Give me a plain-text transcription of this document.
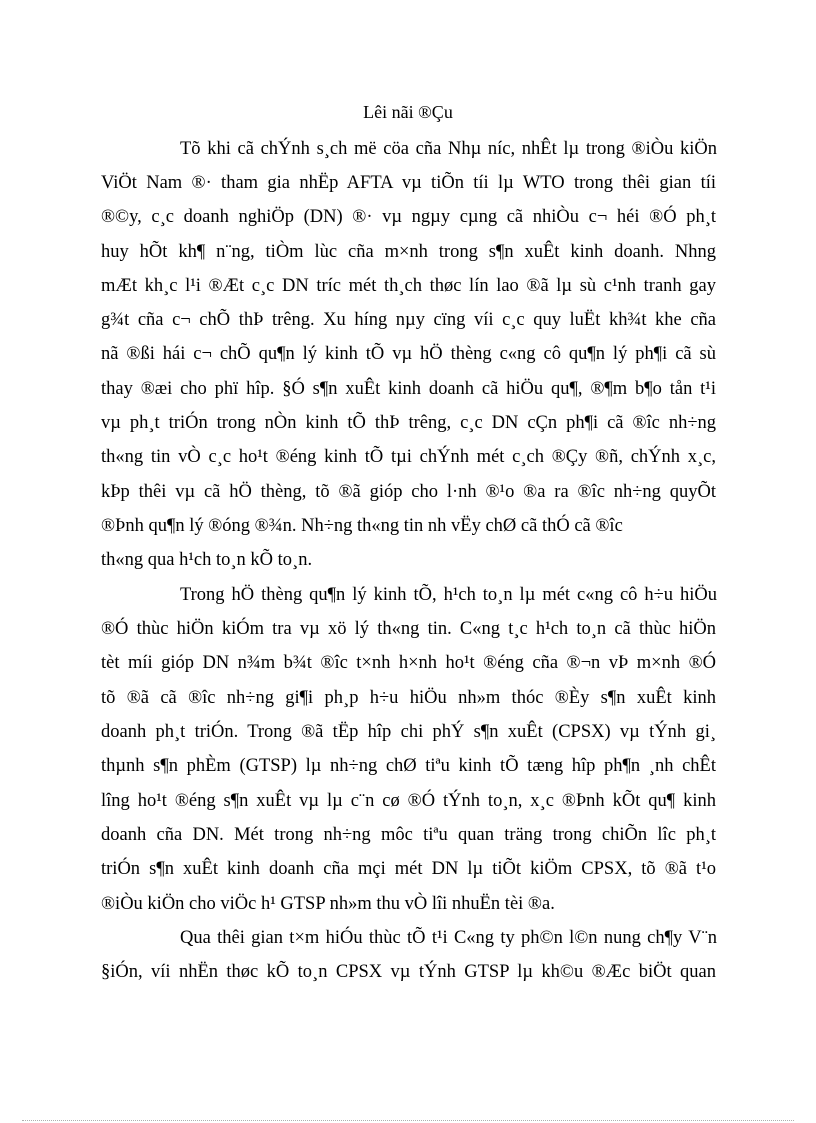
Lêi nãi ®Çu
Tõ khi cã chÝnh s¸ch më cöa cña Nhµ níc, nhÊt lµ trong ®iÒu kiÖn
ViÖt Nam ®· tham gia nhËp AFTA vµ tiÕn tíi lµ WTO trong thêi gian tíi
®©y, c¸c doanh nghiÖp (DN) ®· vµ ngµy cµng cã nhiÒu c¬ héi ®Ó ph¸t
huy hÕt kh¶ n¨ng, tiÒm lùc cña m×nh trong s¶n xuÊt kinh doanh. Nhng
mÆt kh¸c l¹i ®Æt c¸c DN tríc mét th¸ch thøc lín lao ®ã lµ sù c¹nh tranh gay
g¾t cña c¬ chÕ thÞ trêng. Xu híng nµy cïng víi c¸c quy luËt kh¾t khe cña
nã ®ßi hái c¬ chÕ qu¶n lý kinh tÕ vµ hÖ thèng c«ng cô qu¶n lý ph¶i cã sù
thay ®æi cho phï hîp. §Ó s¶n xuÊt kinh doanh cã hiÖu qu¶, ®¶m b¶o tån t¹i
vµ ph¸t triÓn trong nÒn kinh tÕ thÞ trêng, c¸c DN cÇn ph¶i cã ®îc nh÷ng
th«ng tin vÒ c¸c ho¹t ®éng kinh tÕ tµi chÝnh mét c¸ch ®Çy ®ñ, chÝnh x¸c,
kÞp thêi vµ cã hÖ thèng, tõ ®ã gióp cho l·nh ®¹o ®a ra ®îc nh÷ng quyÕt
®Þnh qu¶n lý ®óng ®¾n. Nh÷ng th«ng tin nh vËy chØ cã thÓ cã ®îc
th«ng qua h¹ch to¸n kÕ to¸n.
Trong hÖ thèng qu¶n lý kinh tÕ, h¹ch to¸n lµ mét c«ng cô h÷u hiÖu
®Ó thùc hiÖn kiÓm tra vµ xö lý th«ng tin. C«ng t¸c h¹ch to¸n cã thùc hiÖn
tèt míi gióp DN n¾m b¾t ®îc t×nh h×nh ho¹t ®éng cña ®¬n vÞ m×nh ®Ó
tõ ®ã cã ®îc nh÷ng gi¶i ph¸p h÷u hiÖu nh»m thóc ®Èy s¶n xuÊt kinh
doanh ph¸t triÓn. Trong ®ã tËp hîp chi phÝ s¶n xuÊt (CPSX) vµ tÝnh gi¸
thµnh s¶n phÈm (GTSP) lµ nh÷ng chØ tiªu kinh tÕ tæng hîp ph¶n ¸nh chÊt
lîng ho¹t ®éng s¶n xuÊt vµ lµ c¨n cø ®Ó tÝnh to¸n, x¸c ®Þnh kÕt qu¶ kinh
doanh cña DN. Mét trong nh÷ng môc tiªu quan träng trong chiÕn lîc ph¸t
triÓn s¶n xuÊt kinh doanh cña mçi mét DN lµ tiÕt kiÖm CPSX, tõ ®ã t¹o
®iÒu kiÖn cho viÖc h¹ GTSP nh»m thu vÒ lîi nhuËn tèi ®a.
Qua thêi gian t×m hiÓu thùc tÕ t¹i C«ng ty ph©n l©n nung ch¶y V¨n
§iÓn, víi nhËn thøc kÕ to¸n CPSX vµ tÝnh GTSP lµ kh©u ®Æc biÖt quan
